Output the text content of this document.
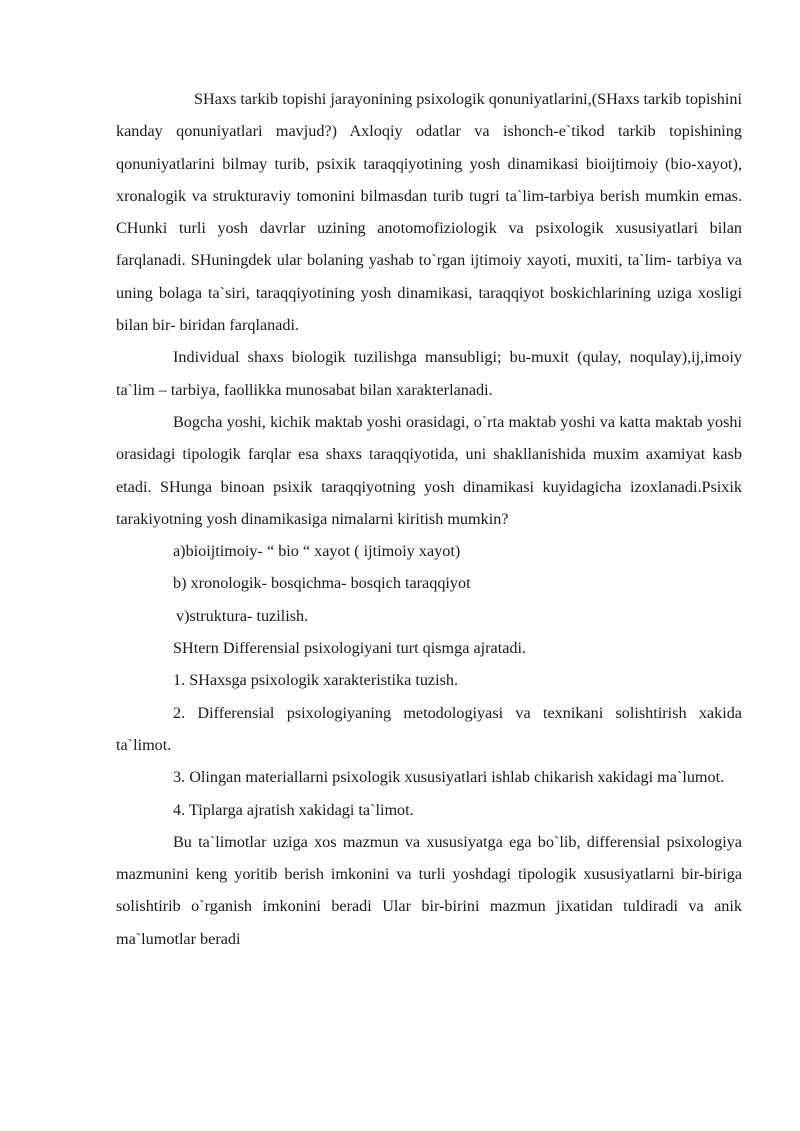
SHaxs tarkib topishi jarayonining psixologik qonuniyatlarini,(SHaxs tarkib topishini kanday qonuniyatlari mavjud?) Axloqiy odatlar va ishonch-e`tikod tarkib topishining qonuniyatlarini bilmay turib, psixik taraqqiyotining yosh dinamikasi bioijtimoiy (bio-xayot), xronalogik va strukturaviy tomonini bilmasdan turib tugri ta`lim-tarbiya berish mumkin emas. CHunki turli yosh davrlar uzining anotomofiziologik va psixologik xususiyatlari bilan farqlanadi. SHuningdek ular bolaning yashab to`rgan ijtimoiy xayoti, muxiti, ta`lim- tarbiya va uning bolaga ta`siri, taraqqiyotining yosh dinamikasi, taraqqiyot boskichlarining uziga xosligi bilan bir- biridan farqlanadi.

Individual shaxs biologik tuzilishga mansubligi; bu-muxit (qulay, noqulay),ij,imoiy ta`lim – tarbiya, faollikka munosabat bilan xarakterlanadi.

Bogcha yoshi, kichik maktab yoshi orasidagi, o`rta maktab yoshi va katta maktab yoshi orasidagi tipologik farqlar esa shaxs taraqqiyotida, uni shakllanishida muxim axamiyat kasb etadi. SHunga binoan psixik taraqqiyotning yosh dinamikasi kuyidagicha izoxlanadi.Psixik tarakiyotning yosh dinamikasiga nimalarni kiritish mumkin?

a)bioijtimoiy- “ bio “ xayot ( ijtimoiy xayot)

b) xronologik- bosqichma- bosqich taraqqiyot

v)struktura- tuzilish.

SHtern Differensial psixologiyani turt qismga ajratadi.

1. SHaxsga psixologik xarakteristika tuzish.

2. Differensial psixologiyaning metodologiyasi va texnikani solishtirish xakida ta`limot.

3. Olingan materiallarni psixologik xususiyatlari ishlab chikarish xakidagi ma`lumot.

4. Tiplarga ajratish xakidagi ta`limot.

Bu ta`limotlar uziga xos mazmun va xususiyatga ega bo`lib, differensial psixologiya mazmunini keng yoritib berish imkonini va turli yoshdagi tipologik xususiyatlarni bir-biriga solishtirib o`rganish imkonini beradi Ular bir-birini mazmun jixatidan tuldiradi va anik ma`lumotlar beradi
